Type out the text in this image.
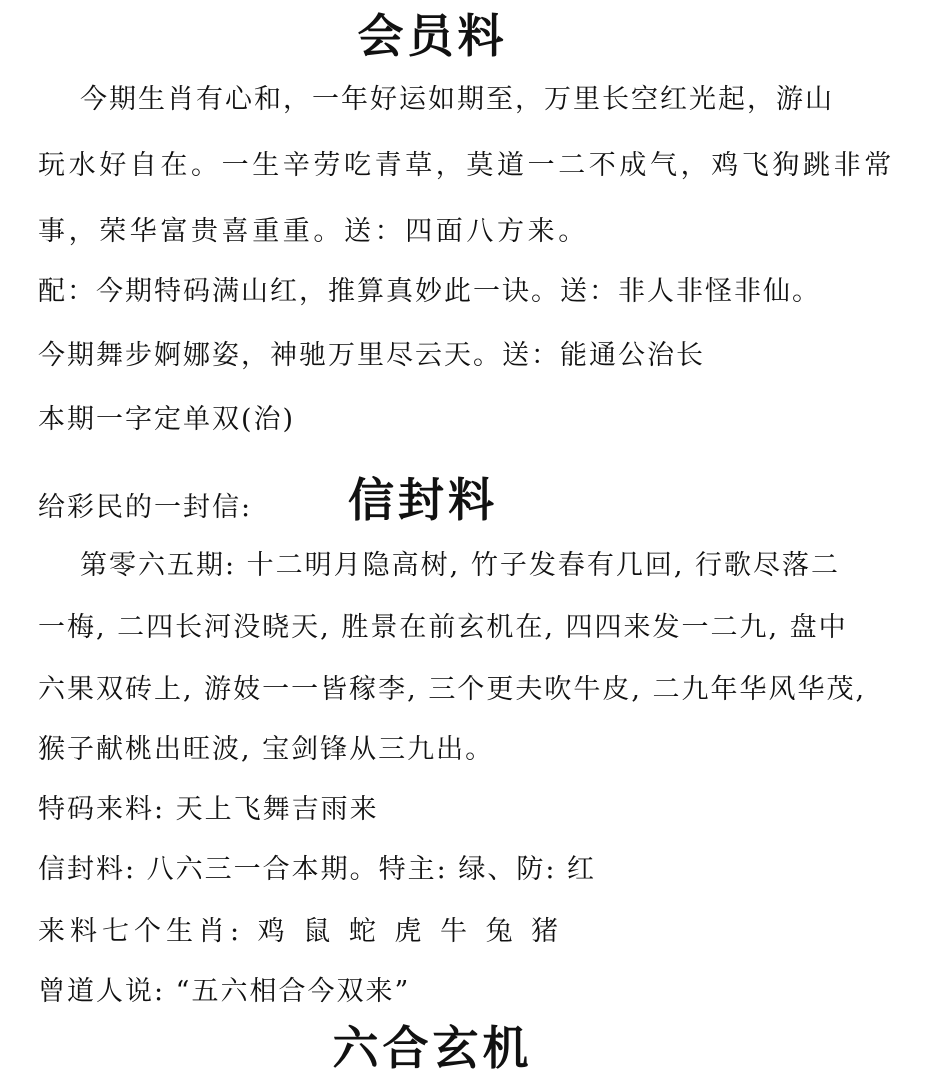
会员料

今期生肖有心和，一年好运如期至，万里长空红光起，游山

玩水好自在。一生辛劳吃青草，莫道一二不成气，鸡飞狗跳非常

事，荣华富贵喜重重。送：四面八方来。

配：今期特码满山红，推算真妙此一诀。送：非人非怪非仙。

今期舞步婀娜姿，神驰万里尽云天。送：能通公治长

本期一字定单双(治)

给彩民的一封信: 信封料

第零六五期: 十二明月隐高树, 竹子发春有几回, 行歌尽落二

一梅, 二四长河没晓天, 胜景在前玄机在, 四四来发一二九, 盘中

六果双砖上, 游妓一一皆稼李, 三个更夫吹牛皮, 二九年华风华茂,

猴子献桃出旺波, 宝剑锋从三九出。

特码来料: 天上飞舞吉雨来

信封料: 八六三一合本期。特主: 绿、防: 红

来料七个生肖: 鸡 鼠 蛇 虎 牛 兔 猪

曾道人说: “五六相合今双来”

六合玄机
